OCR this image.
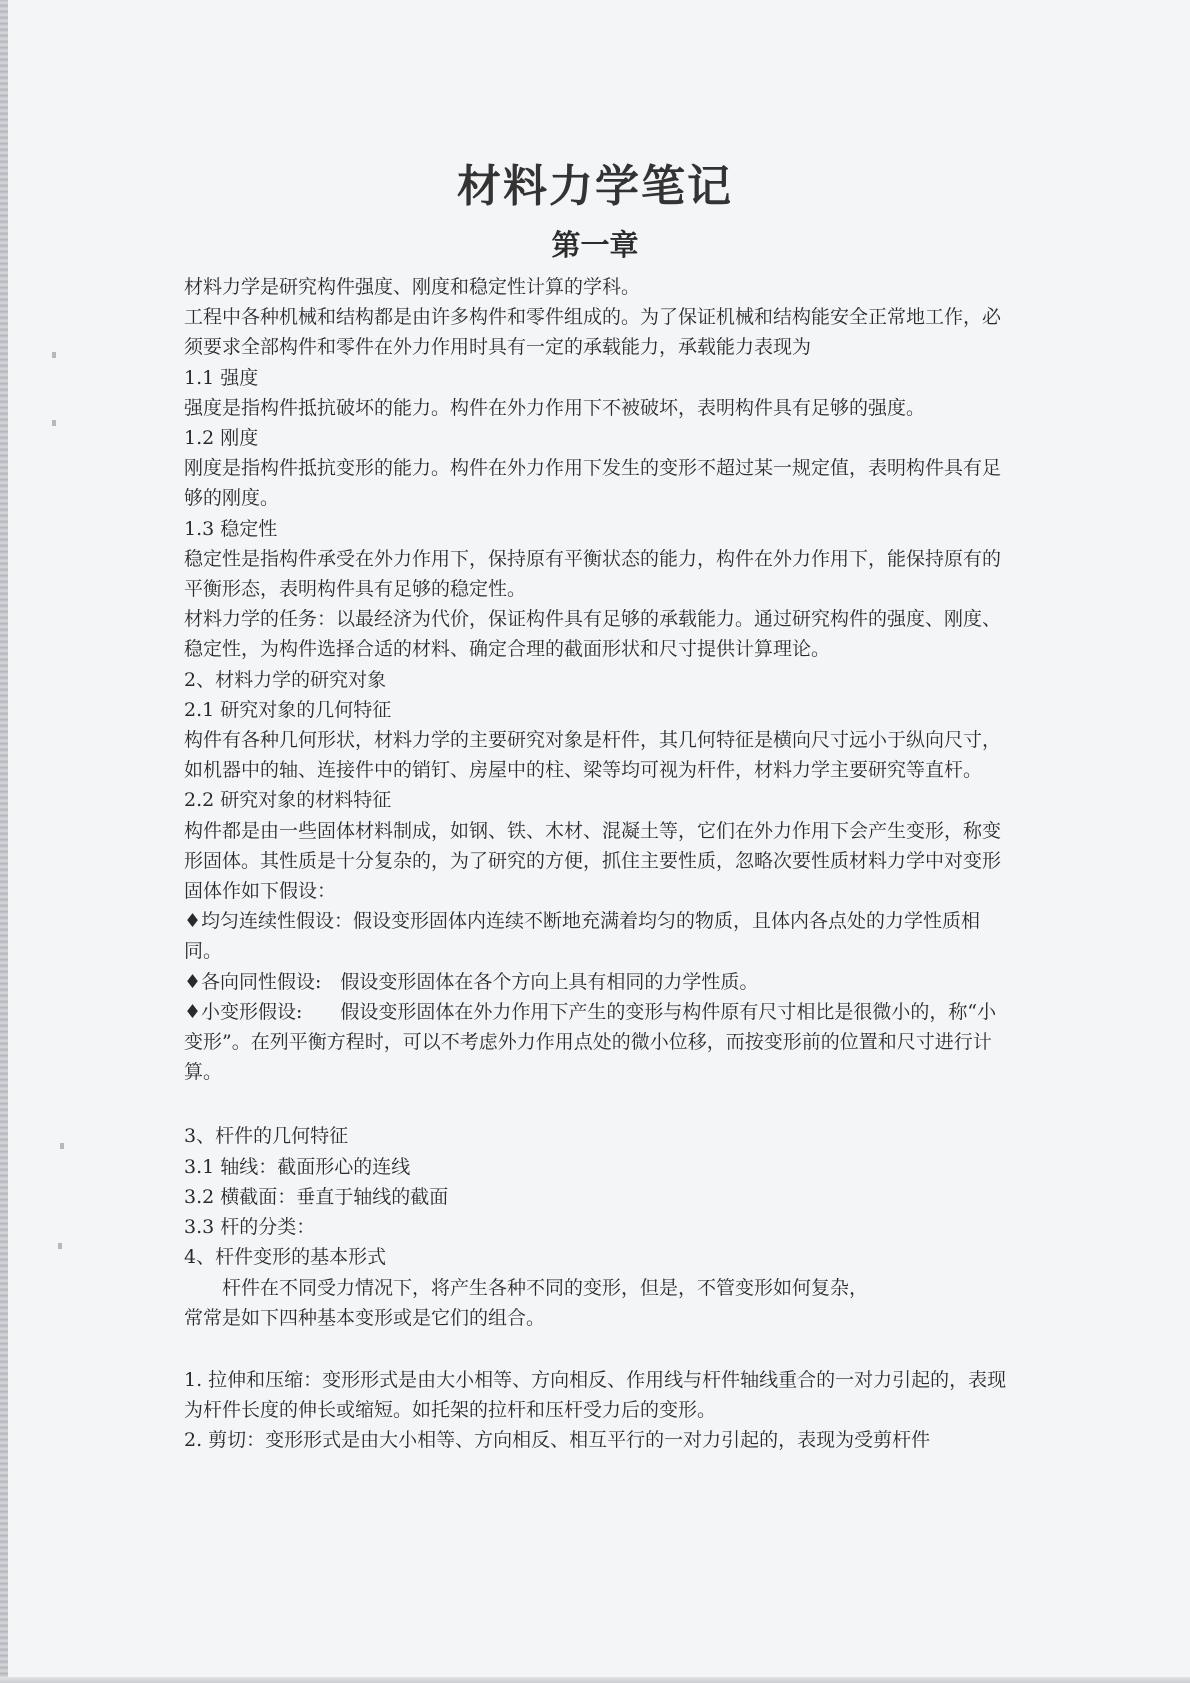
材料力学笔记
第一章

材料力学是研究构件强度、刚度和稳定性计算的学科。

工程中各种机械和结构都是由许多构件和零件组成的。为了保证机械和结构能安全正常地工作，必须要求全部构件和零件在外力作用时具有一定的承载能力，承载能力表现为

1.1 强度

强度是指构件抵抗破坏的能力。构件在外力作用下不被破坏，表明构件具有足够的强度。

1.2 刚度

刚度是指构件抵抗变形的能力。构件在外力作用下发生的变形不超过某一规定值，表明构件具有足够的刚度。

1.3 稳定性

稳定性是指构件承受在外力作用下，保持原有平衡状态的能力，构件在外力作用下，能保持原有的平衡形态，表明构件具有足够的稳定性。

材料力学的任务：以最经济为代价，保证构件具有足够的承载能力。通过研究构件的强度、刚度、稳定性，为构件选择合适的材料、确定合理的截面形状和尺寸提供计算理论。

2、材料力学的研究对象

2.1 研究对象的几何特征

构件有各种几何形状，材料力学的主要研究对象是杆件，其几何特征是横向尺寸远小于纵向尺寸，如机器中的轴、连接件中的销钉、房屋中的柱、梁等均可视为杆件，材料力学主要研究等直杆。

2.2 研究对象的材料特征

构件都是由一些固体材料制成，如钢、铁、木材、混凝土等，它们在外力作用下会产生变形，称变形固体。其性质是十分复杂的，为了研究的方便，抓住主要性质，忽略次要性质材料力学中对变形固体作如下假设：

♦均匀连续性假设：假设变形固体内连续不断地充满着均匀的物质，且体内各点处的力学性质相同。

♦各向同性假设:　假设变形固体在各个方向上具有相同的力学性质。

♦小变形假设:　　假设变形固体在外力作用下产生的变形与构件原有尺寸相比是很微小的，称“小变形”。在列平衡方程时，可以不考虑外力作用点处的微小位移，而按变形前的位置和尺寸进行计算。

3、杆件的几何特征

3.1 轴线：截面形心的连线

3.2 横截面：垂直于轴线的截面

3.3 杆的分类：

4、杆件变形的基本形式

杆件在不同受力情况下，将产生各种不同的变形，但是，不管变形如何复杂，

常常是如下四种基本变形或是它们的组合。

1. 拉伸和压缩：变形形式是由大小相等、方向相反、作用线与杆件轴线重合的一对力引起的，表现为杆件长度的伸长或缩短。如托架的拉杆和压杆受力后的变形。

2. 剪切：变形形式是由大小相等、方向相反、相互平行的一对力引起的，表现为受剪杆件
